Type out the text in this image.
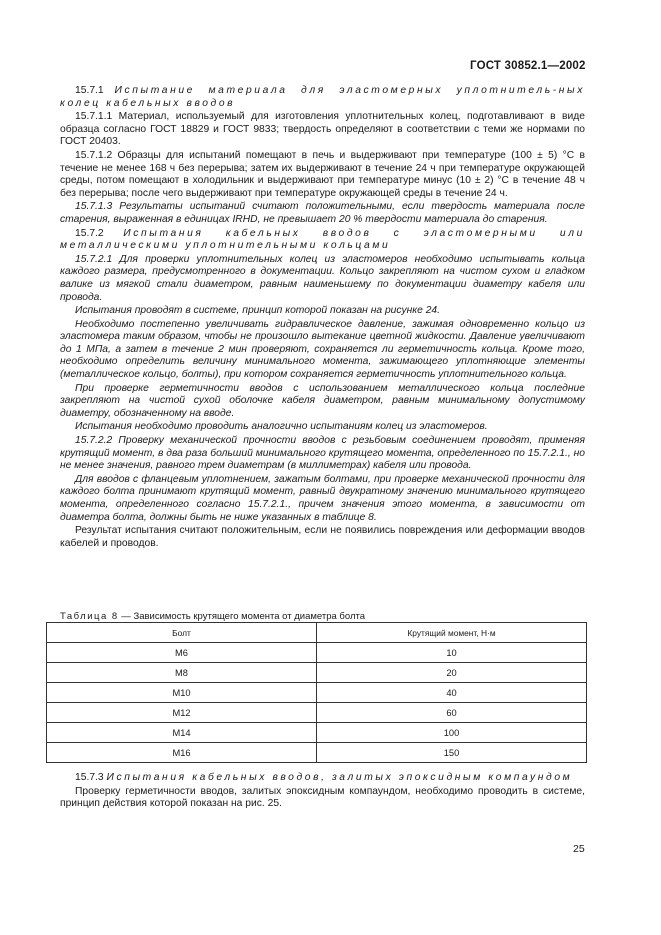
ГОСТ 30852.1—2002

15.7.1 Испытание материала для эластомерных уплотнитель-ных колец кабельных вводов

15.7.1.1 Материал, используемый для изготовления уплотнительных колец, подготавливают в виде образца согласно ГОСТ 18829 и ГОСТ 9833; твердость определяют в соответствии с теми же нормами по ГОСТ 20403.

15.7.1.2 Образцы для испытаний помещают в печь и выдерживают при температуре (100 ± 5) °С в течение не менее 168 ч без перерыва; затем их выдерживают в течение 24 ч при температуре окружающей среды, потом помещают в холодильник и выдерживают при температуре минус (10 ± 2) °С в течение 48 ч без перерыва; после чего выдерживают при температуре окружающей среды в течение 24 ч.

15.7.1.3 Результаты испытаний считают положительными, если твердость материала после старения, выраженная в единицах IRHD, не превышает 20 % твердости материала до старения.

15.7.2 Испытания кабельных вводов с эластомерными или металлическими уплотнительными кольцами

15.7.2.1 Для проверки уплотнительных колец из эластомеров необходимо испытывать кольца каждого размера, предусмотренного в документации. Кольцо закрепляют на чистом сухом и гладком валике из мягкой стали диаметром, равным наименьшему по документации диаметру кабеля или провода.

Испытания проводят в системе, принцип которой показан на рисунке 24.

Необходимо постепенно увеличивать гидравлическое давление, зажимая одновременно кольцо из эластомера таким образом, чтобы не произошло вытекание цветной жидкости. Давление увеличивают до 1 МПа, а затем в течение 2 мин проверяют, сохраняется ли герметичность кольца. Кроме того, необходимо определить величину минимального момента, зажимающего уплотняющие элементы (металлическое кольцо, болты), при котором сохраняется герметичность уплотнительного кольца.

При проверке герметичности вводов с использованием металлического кольца последние закрепляют на чистой сухой оболочке кабеля диаметром, равным минимальному допустимому диаметру, обозначенному на вводе.

Испытания необходимо проводить аналогично испытаниям колец из эластомеров.

15.7.2.2 Проверку механической прочности вводов с резьбовым соединением проводят, применяя крутящий момент, в два раза больший минимального крутящего момента, определенного по 15.7.2.1., но не менее значения, равного трем диаметрам (в миллиметрах) кабеля или провода.

Для вводов с фланцевым уплотнением, зажатым болтами, при проверке механической прочности для каждого болта принимают крутящий момент, равный двукратному значению минимального крутящего момента, определенного согласно 15.7.2.1., причем значения этого момента, в зависимости от диаметра болта, должны быть не ниже указанных в таблице 8.

Результат испытания считают положительным, если не появились повреждения или деформации вводов кабелей и проводов.

Таблица 8 — Зависимость крутящего момента от диаметра болта
Болт	Крутящий момент, Н·м
M6	10
M8	20
M10	40
M12	60
M14	100
M16	150

15.7.3 Испытания кабельных вводов, залитых эпоксидным компаундом

Проверку герметичности вводов, залитых эпоксидным компаундом, необходимо проводить в системе, принцип действия которой показан на рис. 25.

25
